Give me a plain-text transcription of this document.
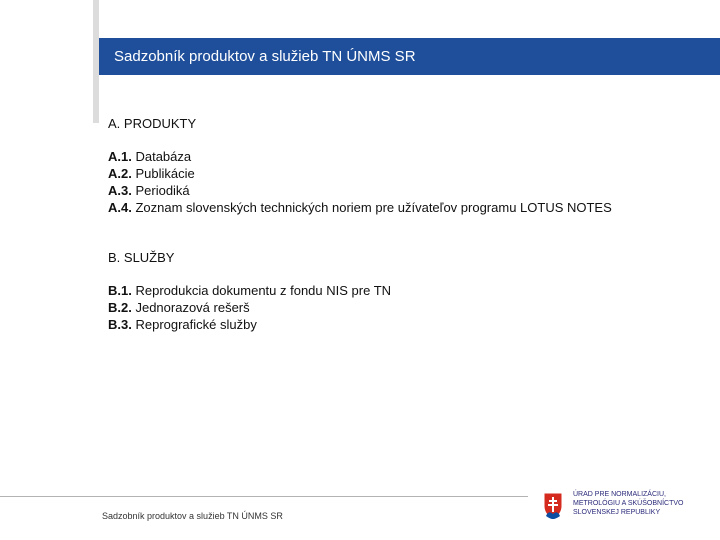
Sadzobník produktov a služieb TN ÚNMS SR
A. PRODUKTY
A.1. Databáza
A.2. Publikácie
A.3. Periodiká
A.4. Zoznam slovenských technických noriem pre užívateľov programu LOTUS NOTES
B. SLUŽBY
B.1. Reprodukcia dokumentu z fondu NIS pre TN
B.2. Jednorazová rešerš
B.3. Reprografické služby
Sadzobník produktov a služieb TN ÚNMS SR
ÚRAD PRE NORMALIZÁCIU,
METROLÓGIU A SKÚŠOBNÍCTVO
SLOVENSKEJ REPUBLIKY
